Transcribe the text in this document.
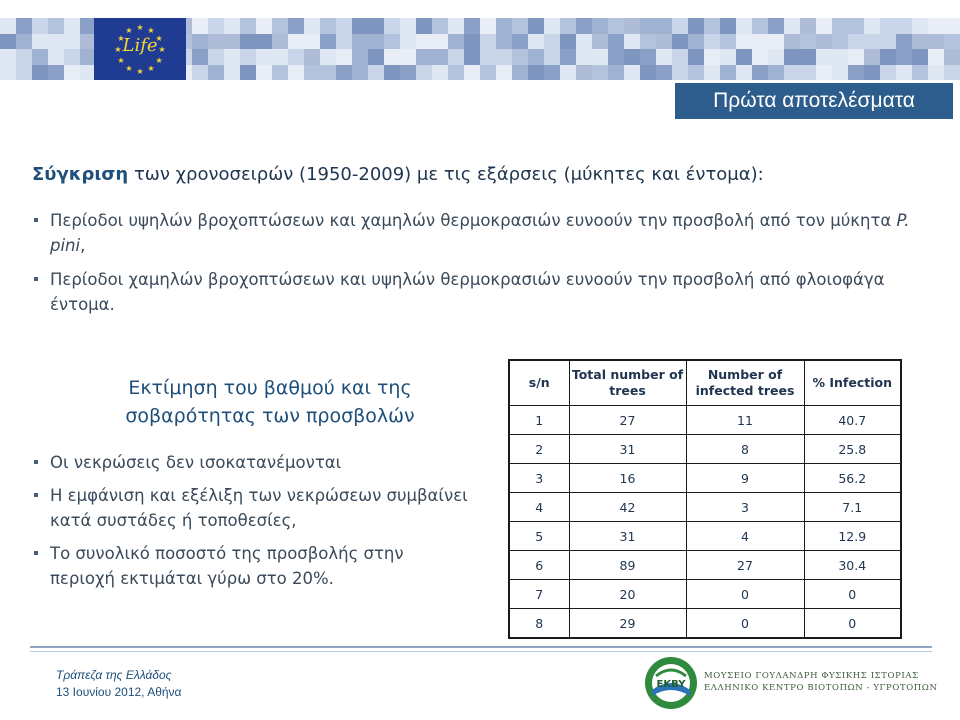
★
★
★
★
★
★
★
★
★ ★ ★
★
Life
Πρώτα αποτελέσματα
Σύγκριση των χρονοσειρών (1950-2009) με τις εξάρσεις (μύκητες και έντομα):
Περίοδοι υψηλών βροχοπτώσεων και χαμηλών θερμοκρασιών ευνοούν την προσβολή από τον μύκητα P. pini,
Περίοδοι χαμηλών βροχοπτώσεων και υψηλών θερμοκρασιών ευνοούν την προσβολή από φλοιοφάγα έντομα.
Εκτίμηση του βαθμού και της
σοβαρότητας των προσβολών
Οι νεκρώσεις δεν ισοκατανέμονται
Η εμφάνιση και εξέλιξη των νεκρώσεων συμβαίνει κατά συστάδες ή τοποθεσίες,
Το συνολικό ποσοστό της προσβολής στην περιοχή εκτιμάται γύρω στο 20%.
s/n	Total number of trees	Number of infected trees	% Infection
1	27	11	40.7
2	31	8	25.8
3	16	9	56.2
4	42	3	7.1
5	31	4	12.9
6	89	27	30.4
7	20	0	0
8	29	0	0
Τράπεζα της Ελλάδος
13 Ιουνίου 2012, Αθήνα
EKBY
ΜΟΥΣΕΙΟ ΓΟΥΛΑΝΔΡΗ ΦΥΣΙΚΗΣ ΙΣΤΟΡΙΑΣ
ΕΛΛΗΝΙΚΟ ΚΕΝΤΡΟ ΒΙΟΤΟΠΩΝ - ΥΓΡΟΤΟΠΩΝ
